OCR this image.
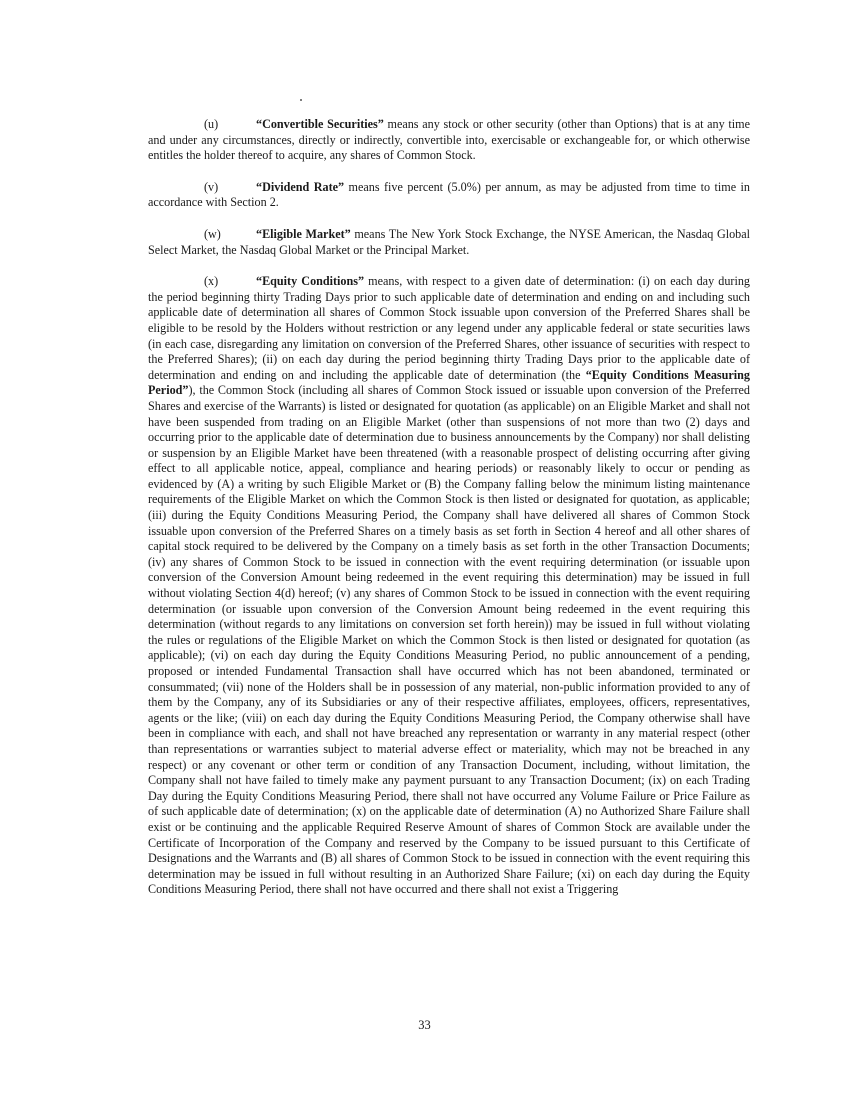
(u)	“Convertible Securities” means any stock or other security (other than Options) that is at any time and under any circumstances, directly or indirectly, convertible into, exercisable or exchangeable for, or which otherwise entitles the holder thereof to acquire, any shares of Common Stock.

(v)	“Dividend Rate” means five percent (5.0%) per annum, as may be adjusted from time to time in accordance with Section 2.

(w)	“Eligible Market” means The New York Stock Exchange, the NYSE American, the Nasdaq Global Select Market, the Nasdaq Global Market or the Principal Market.

(x)	“Equity Conditions” means, with respect to a given date of determination: (i) on each day during the period beginning thirty Trading Days prior to such applicable date of determination and ending on and including such applicable date of determination all shares of Common Stock issuable upon conversion of the Preferred Shares shall be eligible to be resold by the Holders without restriction or any legend under any applicable federal or state securities laws (in each case, disregarding any limitation on conversion of the Preferred Shares, other issuance of securities with respect to the Preferred Shares); (ii) on each day during the period beginning thirty Trading Days prior to the applicable date of determination and ending on and including the applicable date of determination (the “Equity Conditions Measuring Period”), the Common Stock (including all shares of Common Stock issued or issuable upon conversion of the Preferred Shares and exercise of the Warrants) is listed or designated for quotation (as applicable) on an Eligible Market and shall not have been suspended from trading on an Eligible Market (other than suspensions of not more than two (2) days and occurring prior to the applicable date of determination due to business announcements by the Company) nor shall delisting or suspension by an Eligible Market have been threatened (with a reasonable prospect of delisting occurring after giving effect to all applicable notice, appeal, compliance and hearing periods) or reasonably likely to occur or pending as evidenced by (A) a writing by such Eligible Market or (B) the Company falling below the minimum listing maintenance requirements of the Eligible Market on which the Common Stock is then listed or designated for quotation, as applicable; (iii) during the Equity Conditions Measuring Period, the Company shall have delivered all shares of Common Stock issuable upon conversion of the Preferred Shares on a timely basis as set forth in Section 4 hereof and all other shares of capital stock required to be delivered by the Company on a timely basis as set forth in the other Transaction Documents; (iv) any shares of Common Stock to be issued in connection with the event requiring determination (or issuable upon conversion of the Conversion Amount being redeemed in the event requiring this determination) may be issued in full without violating Section 4(d) hereof; (v) any shares of Common Stock to be issued in connection with the event requiring determination (or issuable upon conversion of the Conversion Amount being redeemed in the event requiring this determination (without regards to any limitations on conversion set forth herein)) may be issued in full without violating the rules or regulations of the Eligible Market on which the Common Stock is then listed or designated for quotation (as applicable); (vi) on each day during the Equity Conditions Measuring Period, no public announcement of a pending, proposed or intended Fundamental Transaction shall have occurred which has not been abandoned, terminated or consummated; (vii) none of the Holders shall be in possession of any material, non-public information provided to any of them by the Company, any of its Subsidiaries or any of their respective affiliates, employees, officers, representatives, agents or the like; (viii) on each day during the Equity Conditions Measuring Period, the Company otherwise shall have been in compliance with each, and shall not have breached any representation or warranty in any material respect (other than representations or warranties subject to material adverse effect or materiality, which may not be breached in any respect) or any covenant or other term or condition of any Transaction Document, including, without limitation, the Company shall not have failed to timely make any payment pursuant to any Transaction Document; (ix) on each Trading Day during the Equity Conditions Measuring Period, there shall not have occurred any Volume Failure or Price Failure as of such applicable date of determination; (x) on the applicable date of determination (A) no Authorized Share Failure shall exist or be continuing and the applicable Required Reserve Amount of shares of Common Stock are available under the Certificate of Incorporation of the Company and reserved by the Company to be issued pursuant to this Certificate of Designations and the Warrants and (B) all shares of Common Stock to be issued in connection with the event requiring this determination may be issued in full without resulting in an Authorized Share Failure; (xi) on each day during the Equity Conditions Measuring Period, there shall not have occurred and there shall not exist a Triggering

33
